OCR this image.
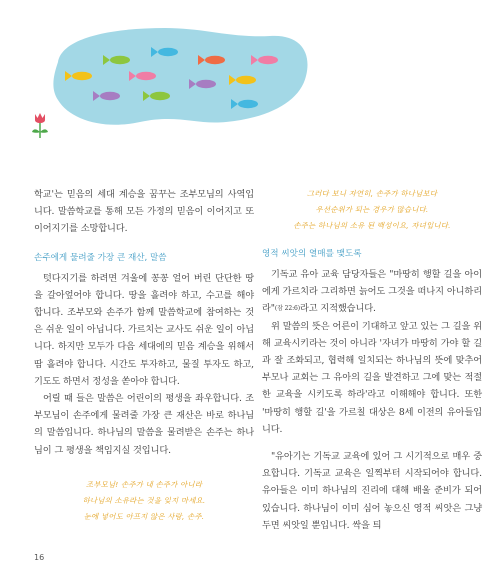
학교'는 믿음의 세대 계승을 꿈꾸는 조부모님의 사역입니다. 말씀학교를 통해 모든 가정의 믿음이 이어지고 또 이어지기를 소망합니다.

손주에게 물려줄 가장 큰 재산, 말씀

텃다지기를 하려면 겨울에 꽁꽁 얼어 버린 단단한 땅을 갈아엎어야 합니다. 땅을 흘려야 하고, 수고를 해야 합니다. 조부모와 손주가 함께 말씀학교에 참여하는 것은 쉬운 일이 아닙니다. 가르치는 교사도 쉬운 일이 아닙니다. 하지만 모두가 다음 세대에의 믿음 계승을 위해서 땀 흘려야 합니다. 시간도 투자하고, 물질 투자도 하고, 기도도 하면서 정성을 쏟아야 합니다.

어릴 때 들은 말씀은 어린이의 평생을 좌우합니다. 조부모님이 손주에게 물려줄 가장 큰 재산은 바로 하나님의 말씀입니다. 하나님의 말씀을 물려받은 손주는 하나님이 그 평생을 책임지실 것입니다.

조부모님! 손주가 내 손주가 아니라
하나님의 소유라는 것을 잊지 마세요.
눈에 넣어도 아프지 않은 사랑, 손주.
그러다 보니 자연히, 손주가 하나님보다
우선순위가 되는 경우가 많습니다.
손주는 하나님의 소유 된 백성이요, 자녀입니다.
영적 씨앗의 열매를 맺도록

기독교 유아 교육 담당자들은 "마땅히 행할 길을 아이에게 가르치라 그리하면 늙어도 그것을 떠나지 아니하리라"(잠 22:6)라고 지적했습니다.

위 말씀의 뜻은 어른이 기대하고 앞고 있는 그 길을 위해 교육시키라는 것이 아니라 '자녀가 마땅히 가야 할 길과 잘 조화되고, 협력해 일치되는 하나님의 뜻에 맞추어 부모나 교회는 그 유아의 길을 발견하고 그에 맞는 적절한 교육을 시키도록 하라'라고 이해해야 합니다. 또한 '마땅히 행할 길'을 가르칠 대상은 8세 이전의 유아들입니다.

"유아기는 기독교 교육에 있어 그 시기적으로 매우 중요합니다. 기독교 교육은 일찍부터 시작되어야 합니다. 유아들은 이미 하나님의 진리에 대해 배울 준비가 되어 있습니다. 하나님이 이미 심어 놓으신 영적 씨앗은 그냥 두면 씨앗일 뿐입니다. 싹을 틔

16
